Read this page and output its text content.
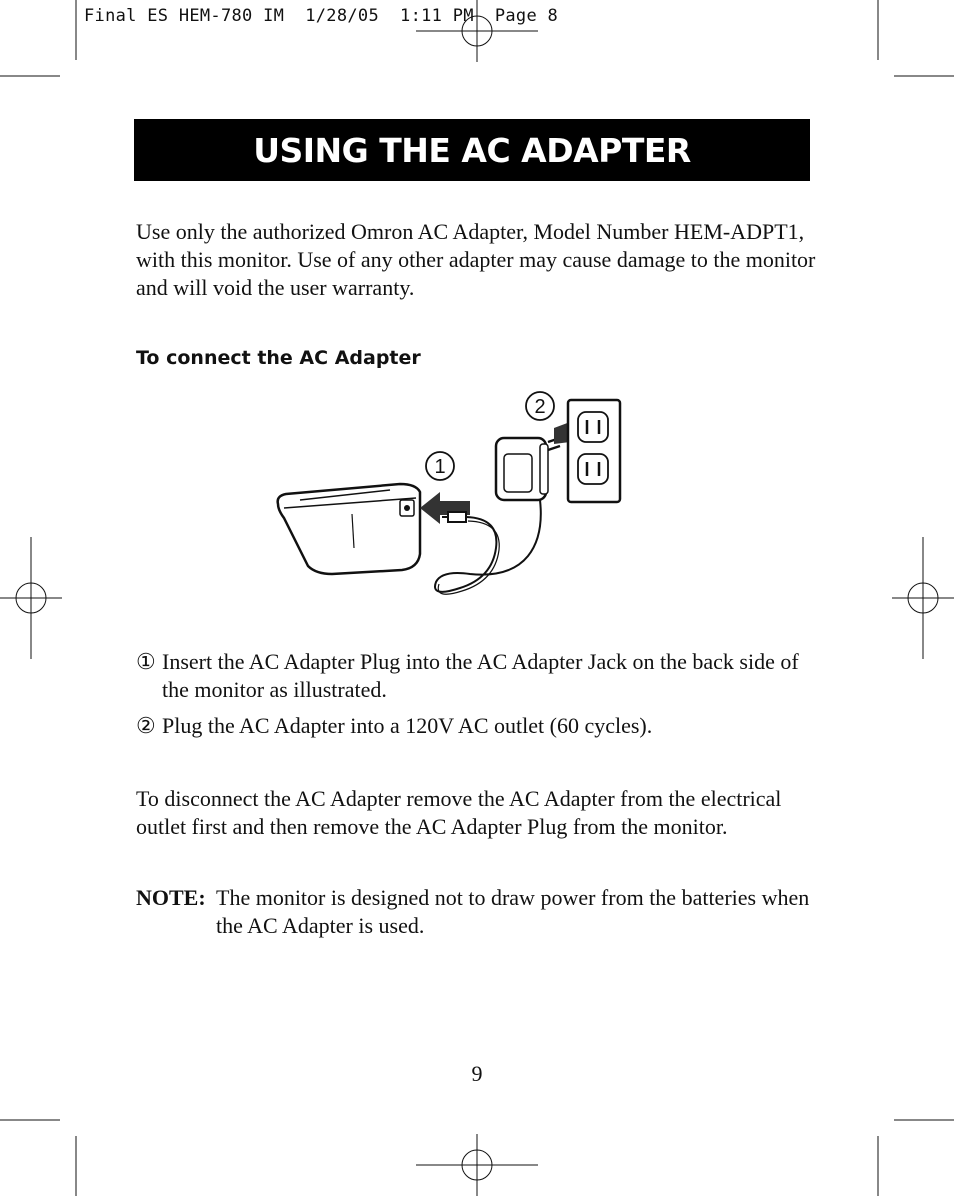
Final ES HEM-780 IM  1/28/05  1:11 PM  Page 8
USING THE AC ADAPTER
Use only the authorized Omron AC Adapter, Model Number HEM-ADPT1, with this monitor. Use of any other adapter may cause damage to the monitor and will void the user warranty.
To connect the AC Adapter
1
2
① Insert the AC Adapter Plug into the AC Adapter Jack on the back side of the monitor as illustrated.
② Plug the AC Adapter into a 120V AC outlet (60 cycles).
To disconnect the AC Adapter remove the AC Adapter from the electrical outlet first and then remove the AC Adapter Plug from the monitor.
NOTE: The monitor is designed not to draw power from the batteries when the AC Adapter is used.
9
